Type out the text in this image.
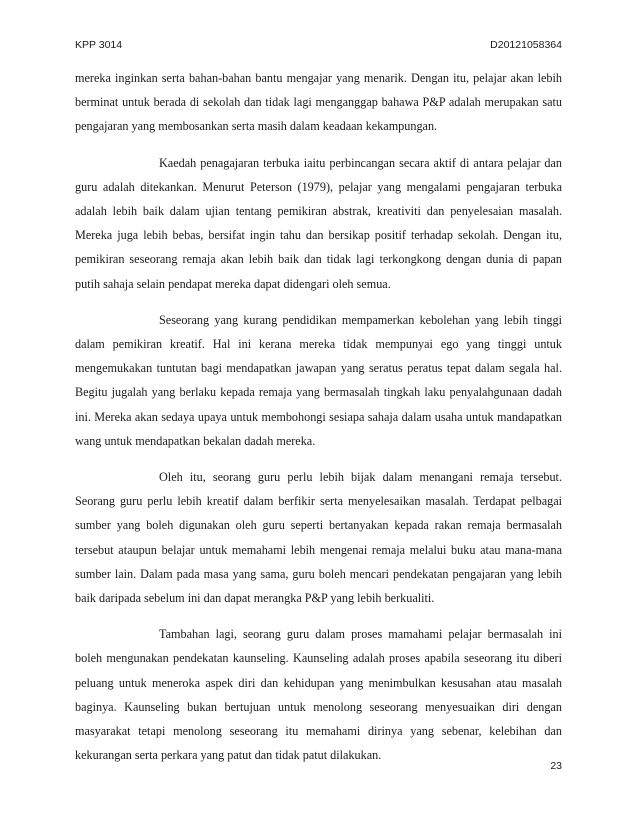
KPP 3014	D20121058364

mereka inginkan serta bahan-bahan bantu mengajar yang menarik. Dengan itu, pelajar akan lebih berminat untuk berada di sekolah dan tidak lagi menganggap bahawa P&P adalah merupakan satu pengajaran yang membosankan serta masih dalam keadaan kekampungan.

Kaedah penagajaran terbuka iaitu perbincangan secara aktif di antara pelajar dan guru adalah ditekankan. Menurut Peterson (1979), pelajar yang mengalami pengajaran terbuka adalah lebih baik dalam ujian tentang pemikiran abstrak, kreativiti dan penyelesaian masalah. Mereka juga lebih bebas, bersifat ingin tahu dan bersikap positif terhadap sekolah. Dengan itu, pemikiran seseorang remaja akan lebih baik dan tidak lagi terkongkong dengan dunia di papan putih sahaja selain pendapat mereka dapat didengari oleh semua.

Seseorang yang kurang pendidikan mempamerkan kebolehan yang lebih tinggi dalam pemikiran kreatif. Hal ini kerana mereka tidak mempunyai ego yang tinggi untuk mengemukakan tuntutan bagi mendapatkan jawapan yang seratus peratus tepat dalam segala hal. Begitu jugalah yang berlaku kepada remaja yang bermasalah tingkah laku penyalahgunaan dadah ini. Mereka akan sedaya upaya untuk membohongi sesiapa sahaja dalam usaha untuk mandapatkan wang untuk mendapatkan bekalan dadah mereka.

Oleh itu, seorang guru perlu lebih bijak dalam menangani remaja tersebut. Seorang guru perlu lebih kreatif dalam berfikir serta menyelesaikan masalah. Terdapat pelbagai sumber yang boleh digunakan oleh guru seperti bertanyakan kepada rakan remaja bermasalah tersebut ataupun belajar untuk memahami lebih mengenai remaja melalui buku atau mana-mana sumber lain. Dalam pada masa yang sama, guru boleh mencari pendekatan pengajaran yang lebih baik daripada sebelum ini dan dapat merangka P&P yang lebih berkualiti.

Tambahan lagi, seorang guru dalam proses mamahami pelajar bermasalah ini boleh mengunakan pendekatan kaunseling. Kaunseling adalah proses apabila seseorang itu diberi peluang untuk meneroka aspek diri dan kehidupan yang menimbulkan kesusahan atau masalah baginya. Kaunseling bukan bertujuan untuk menolong seseorang menyesuaikan diri dengan masyarakat tetapi menolong seseorang itu memahami dirinya yang sebenar, kelebihan dan kekurangan serta perkara yang patut dan tidak patut dilakukan.

23
